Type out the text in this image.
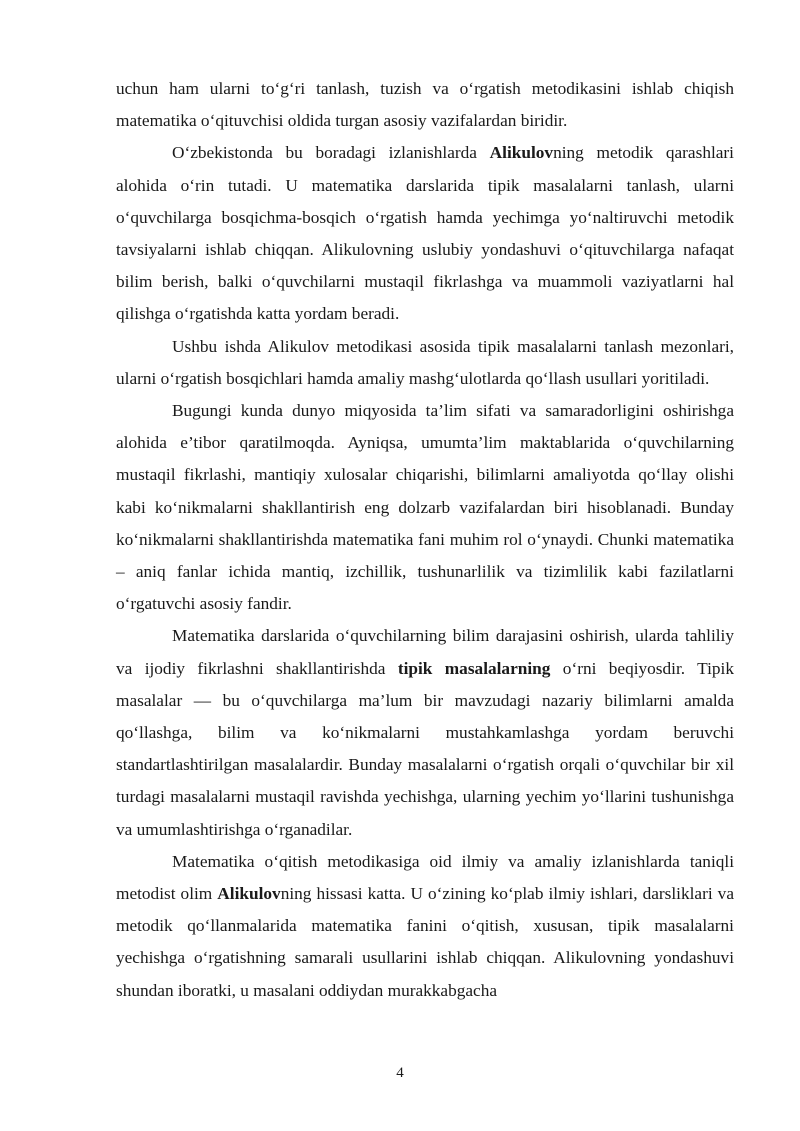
uchun ham ularni to‘g‘ri tanlash, tuzish va o‘rgatish metodikasini ishlab chiqish matematika o‘qituvchisi oldida turgan asosiy vazifalardan biridir.

O‘zbekistonda bu boradagi izlanishlarda Alikulovning metodik qarashlari alohida o‘rin tutadi. U matematika darslarida tipik masalalarni tanlash, ularni o‘quvchilarga bosqichma-bosqich o‘rgatish hamda yechimga yo‘naltiruvchi metodik tavsiyalarni ishlab chiqqan. Alikulovning uslubiy yondashuvi o‘qituvchilarga nafaqat bilim berish, balki o‘quvchilarni mustaqil fikrlashga va muammoli vaziyatlarni hal qilishga o‘rgatishda katta yordam beradi.

Ushbu ishda Alikulov metodikasi asosida tipik masalalarni tanlash mezonlari, ularni o‘rgatish bosqichlari hamda amaliy mashg‘ulotlarda qo‘llash usullari yoritiladi.

Bugungi kunda dunyo miqyosida ta’lim sifati va samaradorligini oshirishga alohida e’tibor qaratilmoqda. Ayniqsa, umumta’lim maktablarida o‘quvchilarning mustaqil fikrlashi, mantiqiy xulosalar chiqarishi, bilimlarni amaliyotda qo‘llay olishi kabi ko‘nikmalarni shakllantirish eng dolzarb vazifalardan biri hisoblanadi. Bunday ko‘nikmalarni shakllantirishda matematika fani muhim rol o‘ynaydi. Chunki matematika – aniq fanlar ichida mantiq, izchillik, tushunarlilik va tizimlilik kabi fazilatlarni o‘rgatuvchi asosiy fandir.

Matematika darslarida o‘quvchilarning bilim darajasini oshirish, ularda tahliliy va ijodiy fikrlashni shakllantirishda tipik masalalarning o‘rni beqiyosdir. Tipik masalalar — bu o‘quvchilarga ma’lum bir mavzudagi nazariy bilimlarni amalda qo‘llashga, bilim va ko‘nikmalarni mustahkamlashga yordam beruvchi standartlashtirilgan masalalardir. Bunday masalalarni o‘rgatish orqali o‘quvchilar bir xil turdagi masalalarni mustaqil ravishda yechishga, ularning yechim yo‘llarini tushunishga va umumlashtirishga o‘rganadilar.

Matematika o‘qitish metodikasiga oid ilmiy va amaliy izlanishlarda taniqli metodist olim Alikulovning hissasi katta. U o‘zining ko‘plab ilmiy ishlari, darsliklari va metodik qo‘llanmalarida matematika fanini o‘qitish, xususan, tipik masalalarni yechishga o‘rgatishning samarali usullarini ishlab chiqqan. Alikulovning yondashuvi shundan iboratki, u masalani oddiydan murakkabgacha

4
